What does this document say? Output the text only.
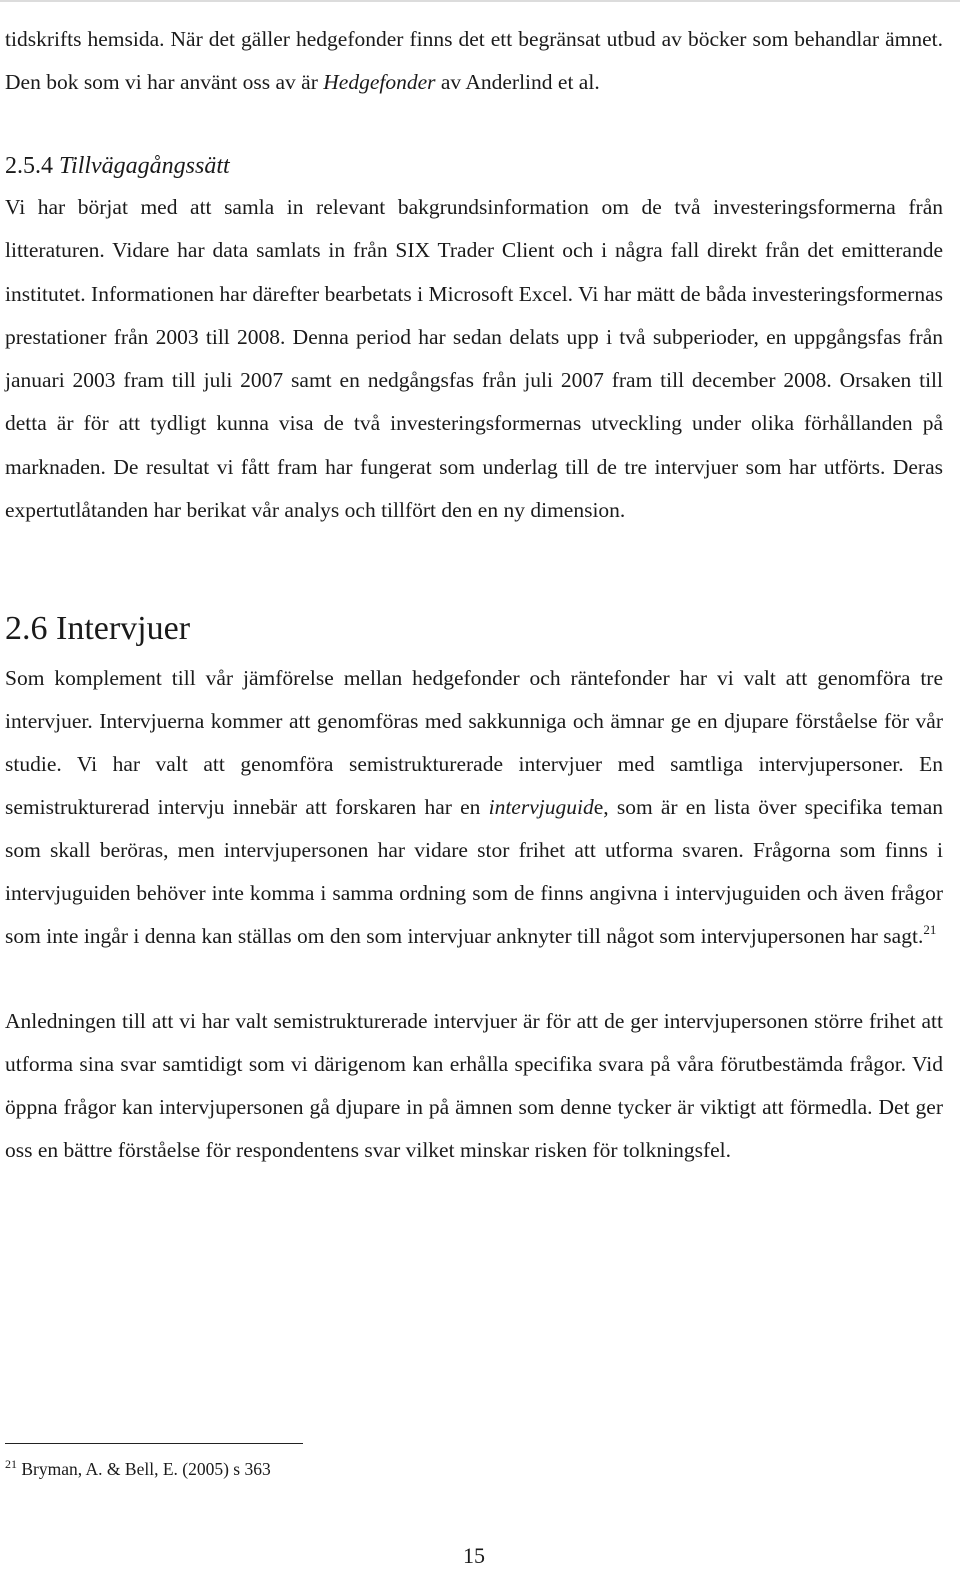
tidskrifts hemsida. När det gäller hedgefonder finns det ett begränsat utbud av böcker som behandlar ämnet. Den bok som vi har använt oss av är Hedgefonder av Anderlind et al.

2.5.4 Tillvägagångssätt

Vi har börjat med att samla in relevant bakgrundsinformation om de två investeringsformerna från litteraturen. Vidare har data samlats in från SIX Trader Client och i några fall direkt från det emitterande institutet. Informationen har därefter bearbetats i Microsoft Excel. Vi har mätt de båda investeringsformernas prestationer från 2003 till 2008. Denna period har sedan delats upp i två subperioder, en uppgångsfas från januari 2003 fram till juli 2007 samt en nedgångsfas från juli 2007 fram till december 2008. Orsaken till detta är för att tydligt kunna visa de två investeringsformernas utveckling under olika förhållanden på marknaden. De resultat vi fått fram har fungerat som underlag till de tre intervjuer som har utförts. Deras expertutlåtanden har berikat vår analys och tillfört den en ny dimension.

2.6 Intervjuer

Som komplement till vår jämförelse mellan hedgefonder och räntefonder har vi valt att genomföra tre intervjuer. Intervjuerna kommer att genomföras med sakkunniga och ämnar ge en djupare förståelse för vår studie. Vi har valt att genomföra semistrukturerade intervjuer med samtliga intervjupersoner. En semistrukturerad intervju innebär att forskaren har en intervjuguide, som är en lista över specifika teman som skall beröras, men intervjupersonen har vidare stor frihet att utforma svaren. Frågorna som finns i intervjuguiden behöver inte komma i samma ordning som de finns angivna i intervjuguiden och även frågor som inte ingår i denna kan ställas om den som intervjuar anknyter till något som intervjupersonen har sagt.$^{21}$

Anledningen till att vi har valt semistrukturerade intervjuer är för att de ger intervjupersonen större frihet att utforma sina svar samtidigt som vi därigenom kan erhålla specifika svara på våra förutbestämda frågor. Vid öppna frågor kan intervjupersonen gå djupare in på ämnen som denne tycker är viktigt att förmedla. Det ger oss en bättre förståelse för respondentens svar vilket minskar risken för tolkningsfel.

$^{21}$ Bryman, A. & Bell, E. (2005) s 363
15
